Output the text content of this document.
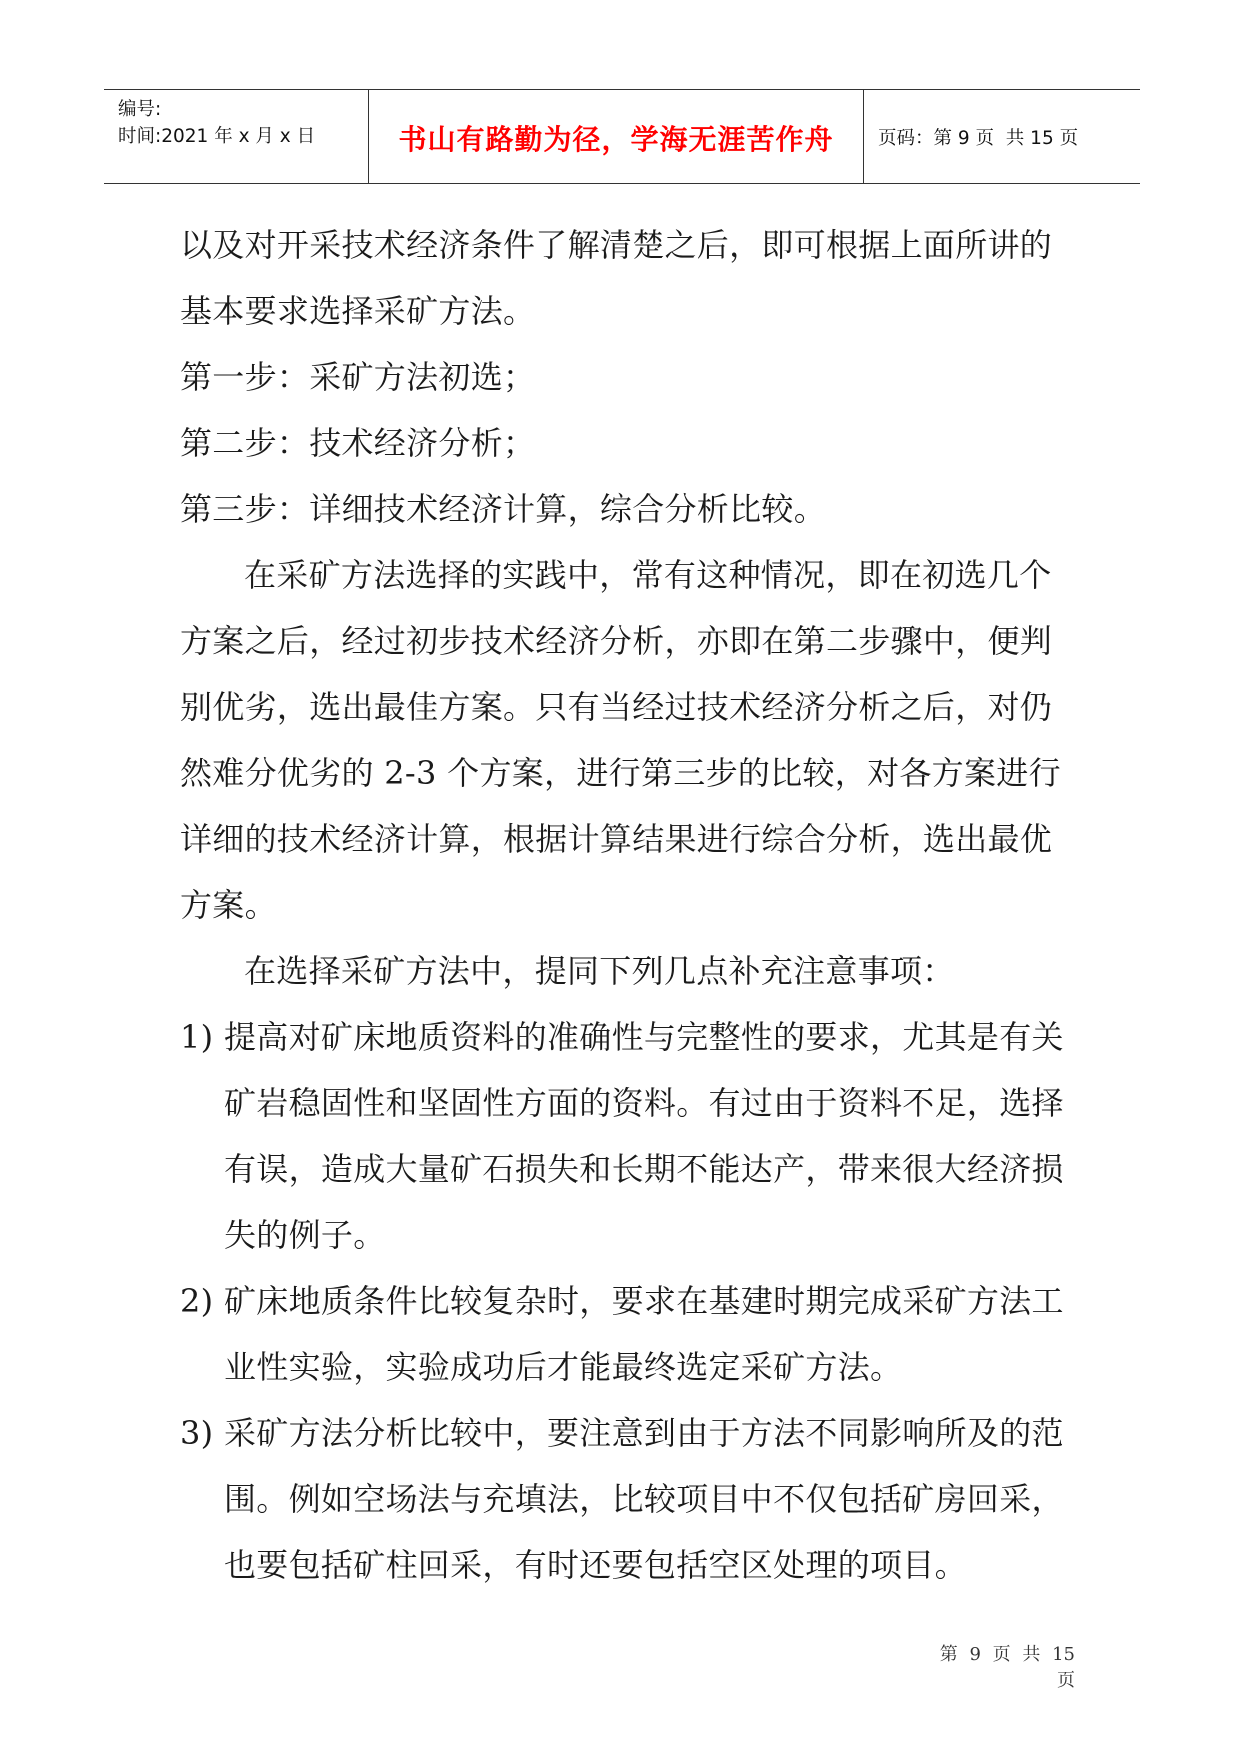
编号:
时间:2021 年 x 月 x 日	书山有路勤为径，学海无涯苦作舟	页码：第 9 页  共 15 页

以及对开采技术经济条件了解清楚之后，即可根据上面所讲的基本要求选择采矿方法。

第一步：采矿方法初选；

第二步：技术经济分析；

第三步：详细技术经济计算，综合分析比较。

在采矿方法选择的实践中，常有这种情况，即在初选几个方案之后，经过初步技术经济分析，亦即在第二步骤中，便判别优劣，选出最佳方案。只有当经过技术经济分析之后，对仍然难分优劣的 2-3 个方案，进行第三步的比较，对各方案进行详细的技术经济计算，根据计算结果进行综合分析，选出最优方案。

在选择采矿方法中，提同下列几点补充注意事项：

1) 提高对矿床地质资料的准确性与完整性的要求，尤其是有关矿岩稳固性和坚固性方面的资料。有过由于资料不足，选择有误，造成大量矿石损失和长期不能达产，带来很大经济损失的例子。
2) 矿床地质条件比较复杂时，要求在基建时期完成采矿方法工业性实验，实验成功后才能最终选定采矿方法。
3) 采矿方法分析比较中，要注意到由于方法不同影响所及的范围。例如空场法与充填法，比较项目中不仅包括矿房回采，也要包括矿柱回采，有时还要包括空区处理的项目。
第 9 页 共 15 页
